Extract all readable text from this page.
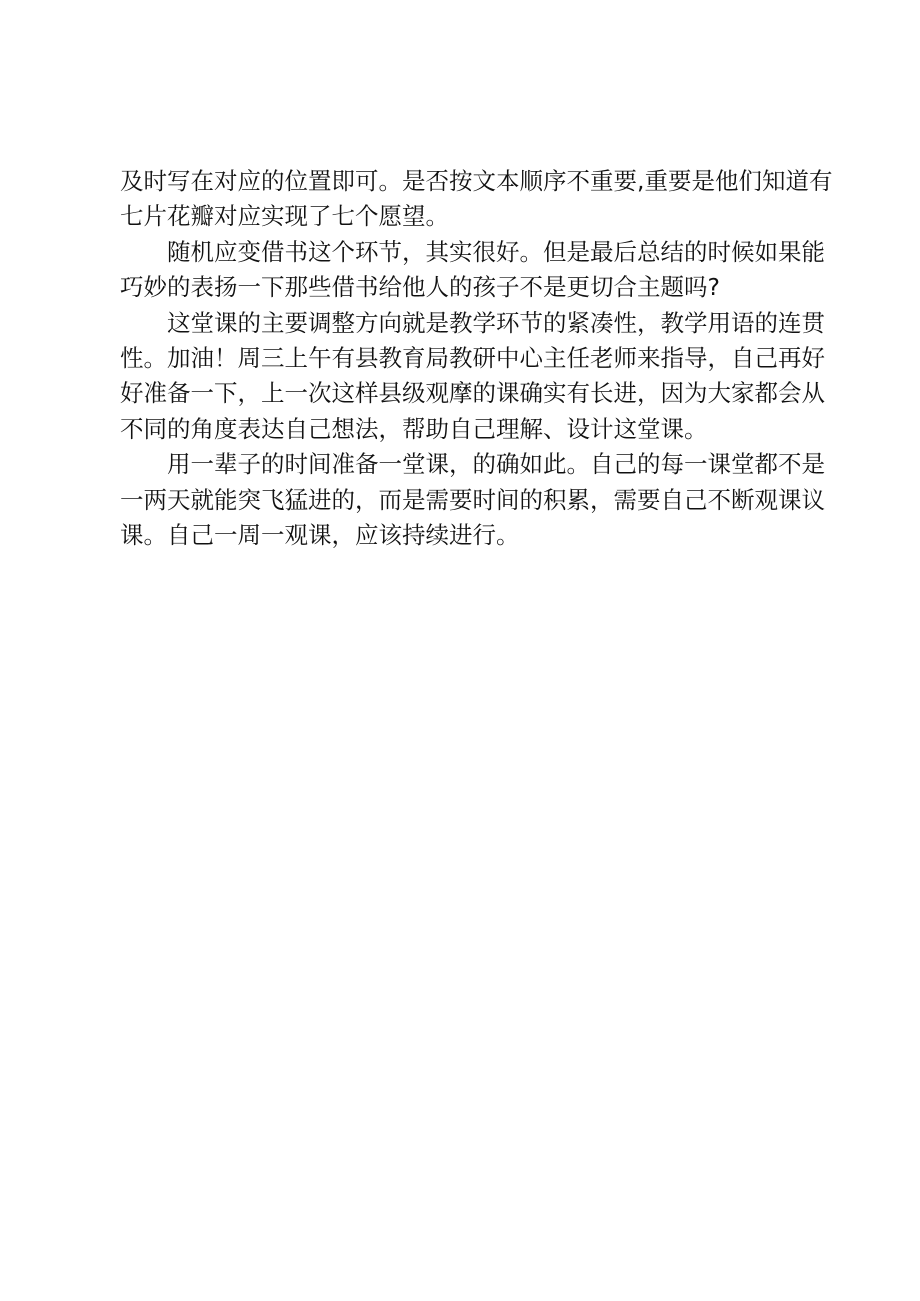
及时写在对应的位置即可。是否按文本顺序不重要,重要是他们知道有
七片花瓣对应实现了七个愿望。

随机应变借书这个环节，其实很好。但是最后总结的时候如果能
巧妙的表扬一下那些借书给他人的孩子不是更切合主题吗?

这堂课的主要调整方向就是教学环节的紧凑性，教学用语的连贯
性。加油！周三上午有县教育局教研中心主任老师来指导，自己再好
好准备一下，上一次这样县级观摩的课确实有长进，因为大家都会从
不同的角度表达自己想法，帮助自己理解、设计这堂课。

用一辈子的时间准备一堂课，的确如此。自己的每一课堂都不是
一两天就能突飞猛进的，而是需要时间的积累，需要自己不断观课议
课。自己一周一观课，应该持续进行。
